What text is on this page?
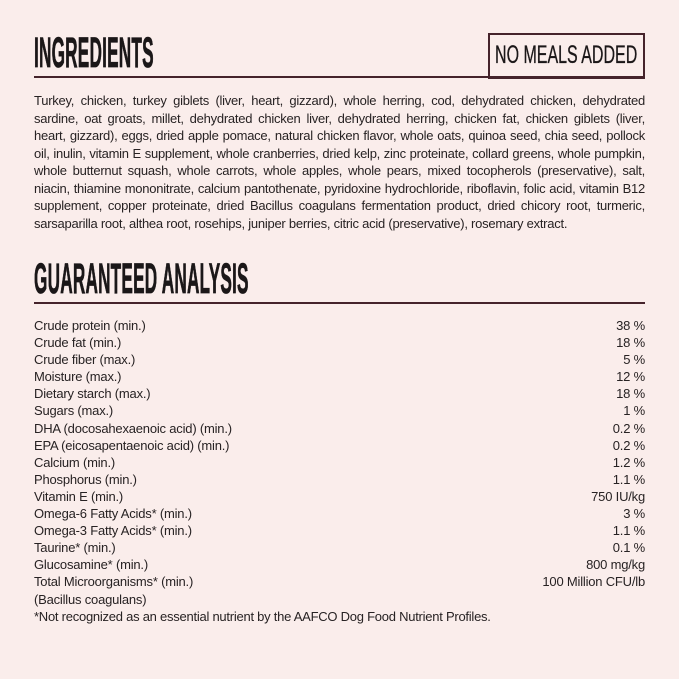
INGREDIENTS	NO MEALS ADDED

Turkey, chicken, turkey giblets (liver, heart, gizzard), whole herring, cod, dehydrated chicken, dehydrated sardine, oat groats, millet, dehydrated chicken liver, dehydrated herring, chicken fat, chicken giblets (liver, heart, gizzard), eggs, dried apple pomace, natural chicken flavor, whole oats, quinoa seed, chia seed, pollock oil, inulin, vitamin E supplement, whole cranberries, dried kelp, zinc proteinate, collard greens, whole pumpkin, whole butternut squash, whole carrots, whole apples, whole pears, mixed tocopherols (preservative), salt, niacin, thiamine mononitrate, calcium pantothenate, pyridoxine hydrochloride, riboflavin, folic acid, vitamin B12 supplement, copper proteinate, dried Bacillus coagulans fermentation product, dried chicory root, turmeric, sarsaparilla root, althea root, rosehips, juniper berries, citric acid (preservative), rosemary extract.

GUARANTEED ANALYSIS
Crude protein (min.)	38 %
Crude fat (min.)	18 %
Crude fiber (max.)	5 %
Moisture (max.)	12 %
Dietary starch (max.)	18 %
Sugars (max.)	1 %
DHA (docosahexaenoic acid) (min.)	0.2 %
EPA (eicosapentaenoic acid) (min.)	0.2 %
Calcium (min.)	1.2 %
Phosphorus (min.)	1.1 %
Vitamin E (min.)	750 IU/kg
Omega-6 Fatty Acids* (min.)	3 %
Omega-3 Fatty Acids* (min.)	1.1 %
Taurine* (min.)	0.1 %
Glucosamine* (min.)	800 mg/kg
Total Microorganisms* (min.)	100 Million CFU/lb
(Bacillus coagulans)

*Not recognized as an essential nutrient by the AAFCO Dog Food Nutrient Profiles.
